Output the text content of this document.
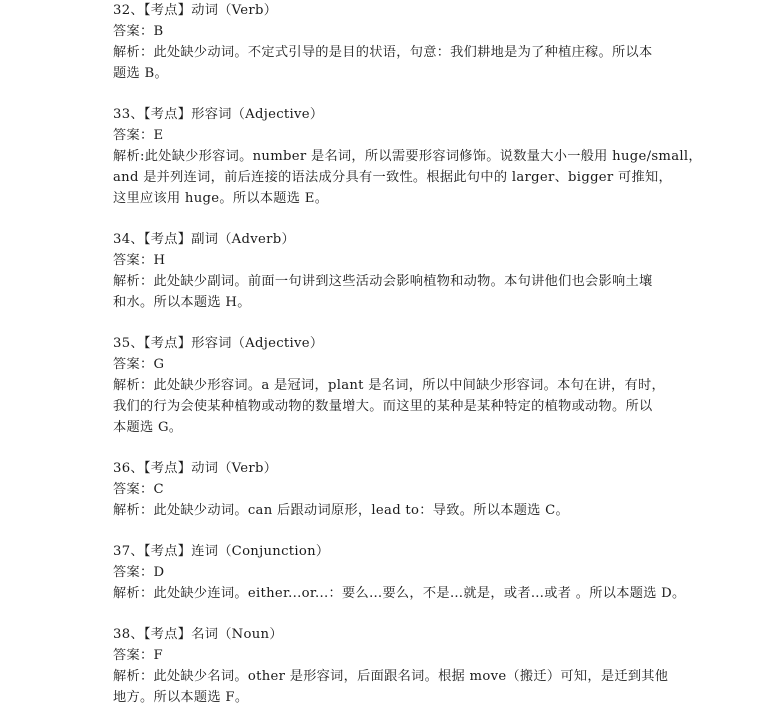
32、【考点】动词（Verb）
答案：B
解析：此处缺少动词。不定式引导的是目的状语，句意：我们耕地是为了种植庄稼。所以本
题选 B。
33、【考点】形容词（Adjective）
答案：E
解析:此处缺少形容词。number 是名词，所以需要形容词修饰。说数量大小一般用 huge/small，
and 是并列连词，前后连接的语法成分具有一致性。根据此句中的 larger、bigger 可推知，
这里应该用 huge。所以本题选 E。
34、【考点】副词（Adverb）
答案：H
解析：此处缺少副词。前面一句讲到这些活动会影响植物和动物。本句讲他们也会影响土壤
和水。所以本题选 H。
35、【考点】形容词（Adjective）
答案：G
解析：此处缺少形容词。a 是冠词，plant 是名词，所以中间缺少形容词。本句在讲，有时，
我们的行为会使某种植物或动物的数量增大。而这里的某种是某种特定的植物或动物。所以
本题选 G。
36、【考点】动词（Verb）
答案：C
解析：此处缺少动词。can 后跟动词原形，lead to：导致。所以本题选 C。
37、【考点】连词（Conjunction）
答案：D
解析：此处缺少连词。either...or...：要么…要么，不是…就是，或者…或者 。所以本题选 D。
38、【考点】名词（Noun）
答案：F
解析：此处缺少名词。other 是形容词，后面跟名词。根据 move（搬迁）可知，是迁到其他
地方。所以本题选 F。
